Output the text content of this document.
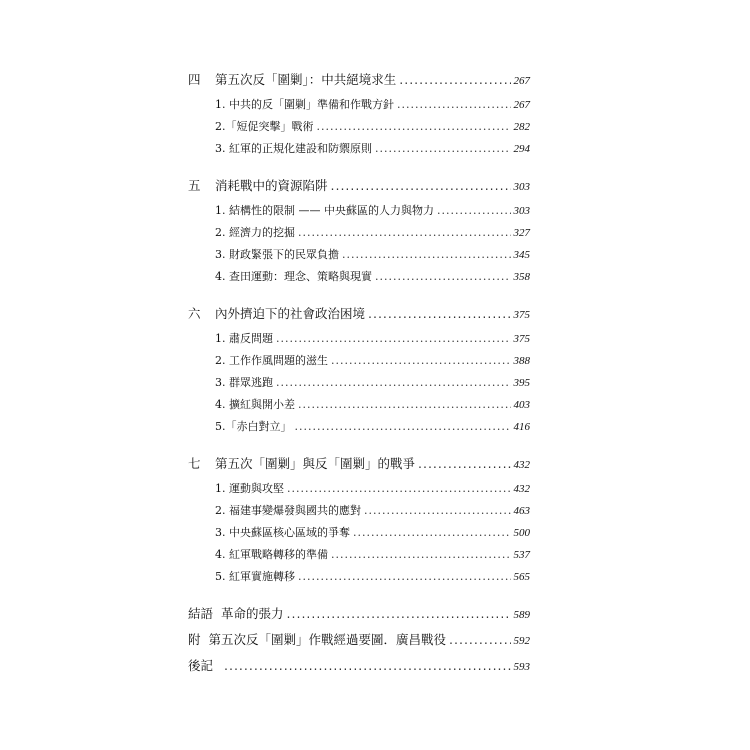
四	第五次反「圍剿」：中共絕境求生 .....	267
1. 中共的反「圍剿」準備和作戰方針 .....	267
2.「短促突擊」戰術 .....	282
3. 紅軍的正規化建設和防禦原則 .....	294
五	消耗戰中的資源陷阱 .....	303
1. 結構性的限制 —— 中央蘇區的人力與物力 .....	303
2. 經濟力的挖掘 .....	327
3. 財政緊張下的民眾負擔 .....	345
4. 查田運動：理念、策略與現實 .....	358
六	內外擠迫下的社會政治困境 .....	375
1. 肅反問題 .....	375
2. 工作作風問題的滋生 .....	388
3. 群眾逃跑 .....	395
4. 擴紅與開小差 .....	403
5.「赤白對立」 .....	416
七	第五次「圍剿」與反「圍剿」的戰爭 .....	432
1. 運動與攻堅 .....	432
2. 福建事變爆發與國共的應對 .....	463
3. 中央蘇區核心區域的爭奪 .....	500
4. 紅軍戰略轉移的準備 .....	537
5. 紅軍實施轉移 .....	565
結語 革命的張力 .....	589
附 第五次反「圍剿」作戰經過要圖．廣昌戰役 .....	592
後記 .....	593
